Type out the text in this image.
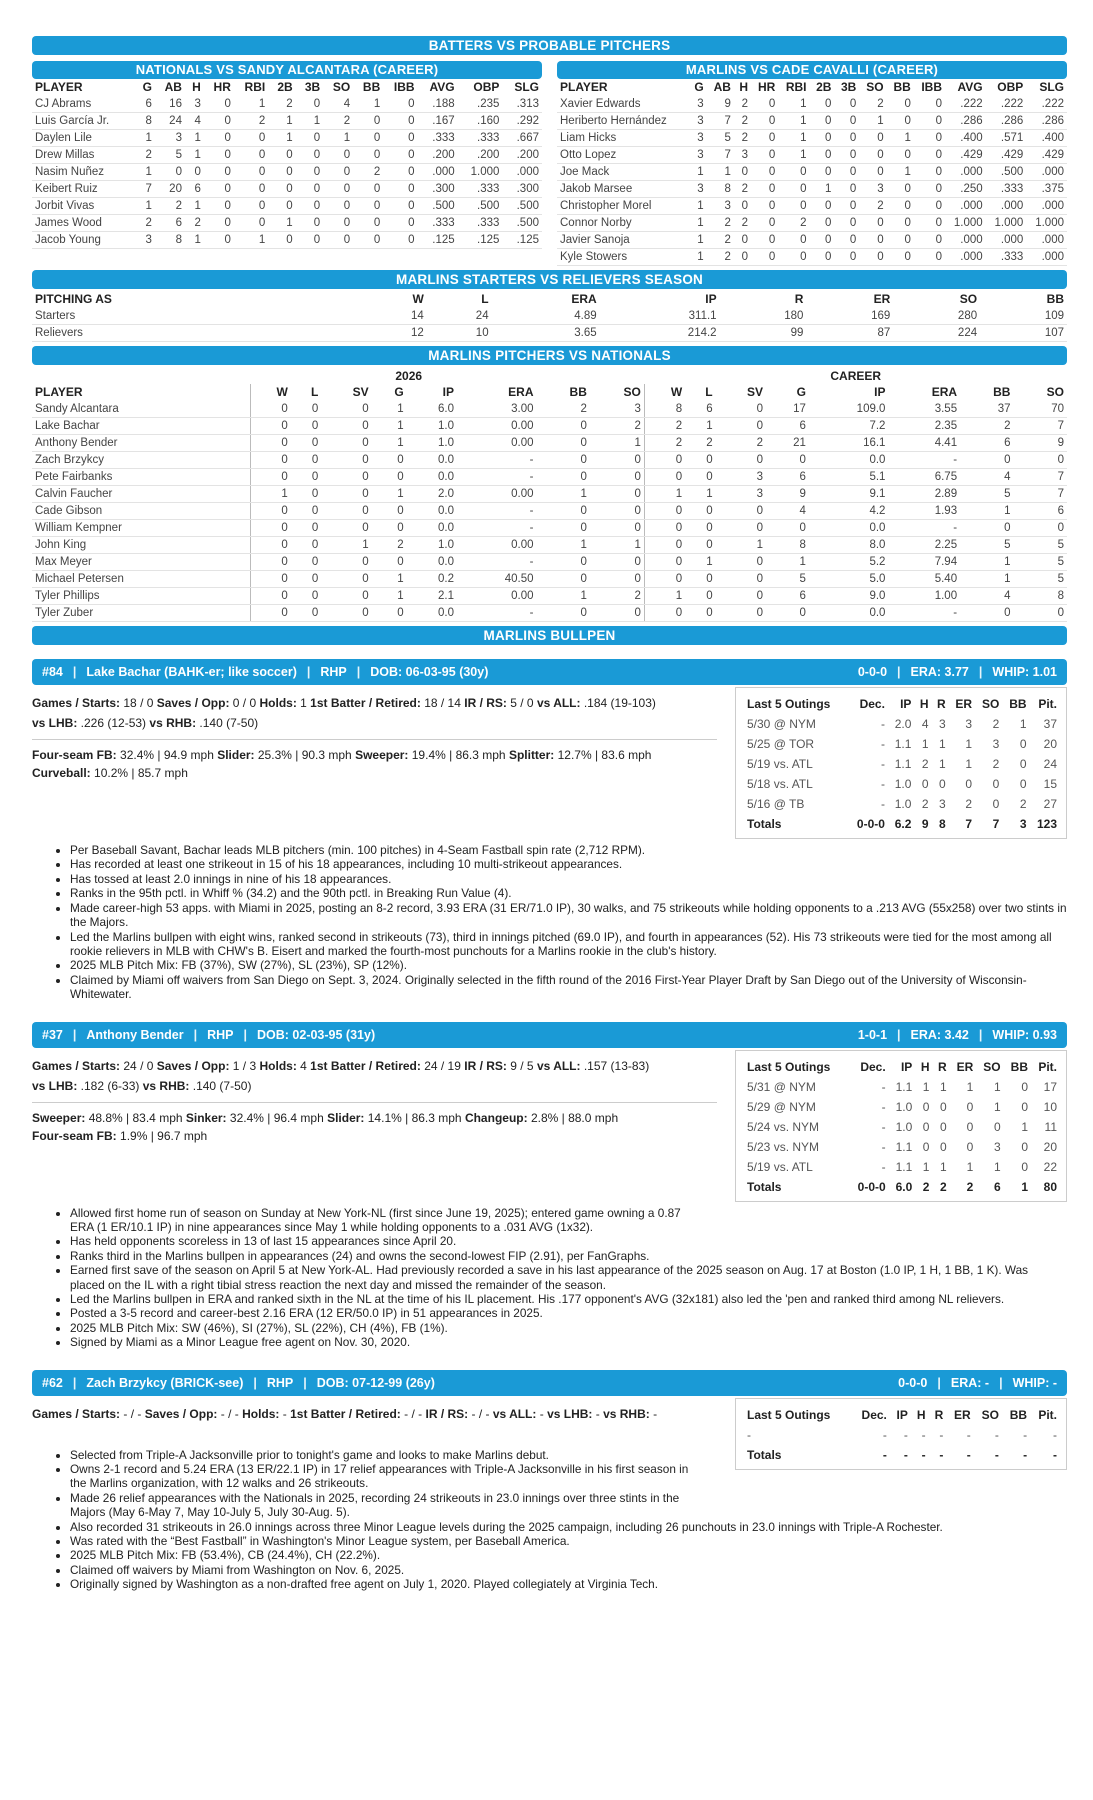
BATTERS VS PROBABLE PITCHERS
NATIONALS VS SANDY ALCANTARA (CAREER)
PLAYER	G	AB	H	HR	RBI	2B	3B	SO	BB	IBB	AVG	OBP	SLG
CJ Abrams	6	16	3	0	1	2	0	4	1	0	.188	.235	.313
Luis García Jr.	8	24	4	0	2	1	1	2	0	0	.167	.160	.292
Daylen Lile	1	3	1	0	0	1	0	1	0	0	.333	.333	.667
Drew Millas	2	5	1	0	0	0	0	0	0	0	.200	.200	.200
Nasim Nuñez	1	0	0	0	0	0	0	0	2	0	.000	1.000	.000
Keibert Ruiz	7	20	6	0	0	0	0	0	0	0	.300	.333	.300
Jorbit Vivas	1	2	1	0	0	0	0	0	0	0	.500	.500	.500
James Wood	2	6	2	0	0	1	0	0	0	0	.333	.333	.500
Jacob Young	3	8	1	0	1	0	0	0	0	0	.125	.125	.125
MARLINS VS CADE CAVALLI (CAREER)
PLAYER	G	AB	H	HR	RBI	2B	3B	SO	BB	IBB	AVG	OBP	SLG
Xavier Edwards	3	9	2	0	1	0	0	2	0	0	.222	.222	.222
Heriberto Hernández	3	7	2	0	1	0	0	1	0	0	.286	.286	.286
Liam Hicks	3	5	2	0	1	0	0	0	1	0	.400	.571	.400
Otto Lopez	3	7	3	0	1	0	0	0	0	0	.429	.429	.429
Joe Mack	1	1	0	0	0	0	0	0	1	0	.000	.500	.000
Jakob Marsee	3	8	2	0	0	1	0	3	0	0	.250	.333	.375
Christopher Morel	1	3	0	0	0	0	0	2	0	0	.000	.000	.000
Connor Norby	1	2	2	0	2	0	0	0	0	0	1.000	1.000	1.000
Javier Sanoja	1	2	0	0	0	0	0	0	0	0	.000	.000	.000
Kyle Stowers	1	2	0	0	0	0	0	0	0	0	.000	.333	.000
MARLINS STARTERS VS RELIEVERS SEASON
PITCHING AS	W	L	ERA	IP	R	ER	SO	BB
Starters	14	24	4.89	311.1	180	169	280	109
Relievers	12	10	3.65	214.2	99	87	224	107
MARLINS PITCHERS VS NATIONALS
	2026								CAREER							
PLAYER	W	L	SV	G	IP	ERA	BB	SO	W	L	SV	G	IP	ERA	BB	SO
Sandy Alcantara	0	0	0	1	6.0	3.00	2	3	8	6	0	17	109.0	3.55	37	70
Lake Bachar	0	0	0	1	1.0	0.00	0	2	2	1	0	6	7.2	2.35	2	7
Anthony Bender	0	0	0	1	1.0	0.00	0	1	2	2	2	21	16.1	4.41	6	9
Zach Brzykcy	0	0	0	0	0.0	-	0	0	0	0	0	0	0.0	-	0	0
Pete Fairbanks	0	0	0	0	0.0	-	0	0	0	0	3	6	5.1	6.75	4	7
Calvin Faucher	1	0	0	1	2.0	0.00	1	0	1	1	3	9	9.1	2.89	5	7
Cade Gibson	0	0	0	0	0.0	-	0	0	0	0	0	4	4.2	1.93	1	6
William Kempner	0	0	0	0	0.0	-	0	0	0	0	0	0	0.0	-	0	0
John King	0	0	1	2	1.0	0.00	1	1	0	0	1	8	8.0	2.25	5	5
Max Meyer	0	0	0	0	0.0	-	0	0	0	1	0	1	5.2	7.94	1	5
Michael Petersen	0	0	0	1	0.2	40.50	0	0	0	0	0	5	5.0	5.40	1	5
Tyler Phillips	0	0	0	1	2.1	0.00	1	2	1	0	0	6	9.0	1.00	4	8
Tyler Zuber	0	0	0	0	0.0	-	0	0	0	0	0	0	0.0	-	0	0
MARLINS BULLPEN
#84 | Lake Bachar (BAHK-er; like soccer) | RHP | DOB: 06-03-95 (30y)	0-0-0 | ERA: 3.77 | WHIP: 1.01
Games / Starts: 18 / 0 Saves / Opp: 0 / 0 Holds: 1 1st Batter / Retired: 18 / 14 IR / RS: 5 / 0 vs ALL: .184 (19-103)
vs LHB: .226 (12-53) vs RHB: .140 (7-50)
Four-seam FB: 32.4% | 94.9 mph Slider: 25.3% | 90.3 mph Sweeper: 19.4% | 86.3 mph Splitter: 12.7% | 83.6 mph
Curveball: 10.2% | 85.7 mph
Last 5 Outings	Dec.	IP	H	R	ER	SO	BB	Pit.
5/30 @ NYM	-	2.0	4	3	3	2	1	37
5/25 @ TOR	-	1.1	1	1	1	3	0	20
5/19 vs. ATL	-	1.1	2	1	1	2	0	24
5/18 vs. ATL	-	1.0	0	0	0	0	0	15
5/16 @ TB	-	1.0	2	3	2	0	2	27
Totals	0-0-0	6.2	9	8	7	7	3	123
• Per Baseball Savant, Bachar leads MLB pitchers (min. 100 pitches) in 4-Seam Fastball spin rate (2,712 RPM).
• Has recorded at least one strikeout in 15 of his 18 appearances, including 10 multi-strikeout appearances.
• Has tossed at least 2.0 innings in nine of his 18 appearances.
• Ranks in the 95th pctl. in Whiff % (34.2) and the 90th pctl. in Breaking Run Value (4).
• Made career-high 53 apps. with Miami in 2025, posting an 8-2 record, 3.93 ERA (31 ER/71.0 IP), 30 walks, and 75 strikeouts while holding opponents to a .213 AVG (55x258) over two stints in the Majors.
• Led the Marlins bullpen with eight wins, ranked second in strikeouts (73), third in innings pitched (69.0 IP), and fourth in appearances (52). His 73 strikeouts were tied for the most among all rookie relievers in MLB with CHW's B. Eisert and marked the fourth-most punchouts for a Marlins rookie in the club's history.
• 2025 MLB Pitch Mix: FB (37%), SW (27%), SL (23%), SP (12%).
• Claimed by Miami off waivers from San Diego on Sept. 3, 2024. Originally selected in the fifth round of the 2016 First-Year Player Draft by San Diego out of the University of Wisconsin-Whitewater.
#37 | Anthony Bender | RHP | DOB: 02-03-95 (31y)	1-0-1 | ERA: 3.42 | WHIP: 0.93
Games / Starts: 24 / 0 Saves / Opp: 1 / 3 Holds: 4 1st Batter / Retired: 24 / 19 IR / RS: 9 / 5 vs ALL: .157 (13-83)
vs LHB: .182 (6-33) vs RHB: .140 (7-50)
Sweeper: 48.8% | 83.4 mph Sinker: 32.4% | 96.4 mph Slider: 14.1% | 86.3 mph Changeup: 2.8% | 88.0 mph
Four-seam FB: 1.9% | 96.7 mph
Last 5 Outings	Dec.	IP	H	R	ER	SO	BB	Pit.
5/31 @ NYM	-	1.1	1	1	1	1	0	17
5/29 @ NYM	-	1.0	0	0	0	1	0	10
5/24 vs. NYM	-	1.0	0	0	0	0	1	11
5/23 vs. NYM	-	1.1	0	0	0	3	0	20
5/19 vs. ATL	-	1.1	1	1	1	1	0	22
Totals	0-0-0	6.0	2	2	2	6	1	80
• Allowed first home run of season on Sunday at New York-NL (first since June 19, 2025); entered game owning a 0.87 ERA (1 ER/10.1 IP) in nine appearances since May 1 while holding opponents to a .031 AVG (1x32).
• Has held opponents scoreless in 13 of last 15 appearances since April 20.
• Ranks third in the Marlins bullpen in appearances (24) and owns the second-lowest FIP (2.91), per FanGraphs.
• Earned first save of the season on April 5 at New York-AL. Had previously recorded a save in his last appearance of the 2025 season on Aug. 17 at Boston (1.0 IP, 1 H, 1 BB, 1 K). Was placed on the IL with a right tibial stress reaction the next day and missed the remainder of the season.
• Led the Marlins bullpen in ERA and ranked sixth in the NL at the time of his IL placement. His .177 opponent's AVG (32x181) also led the 'pen and ranked third among NL relievers.
• Posted a 3-5 record and career-best 2.16 ERA (12 ER/50.0 IP) in 51 appearances in 2025.
• 2025 MLB Pitch Mix: SW (46%), SI (27%), SL (22%), CH (4%), FB (1%).
• Signed by Miami as a Minor League free agent on Nov. 30, 2020.
#62 | Zach Brzykcy (BRICK-see) | RHP | DOB: 07-12-99 (26y)	0-0-0 | ERA: - | WHIP: -
Games / Starts: - / - Saves / Opp: - / - Holds: - 1st Batter / Retired: - / - IR / RS: - / - vs ALL: - vs LHB: - vs RHB: -	Last 5 Outings	Dec.	IP	H	R	ER	SO	BB	Pit.
-	-	-	-	-	-	-	-	-
Totals	-	-	-	-	-	-	-	-
• Selected from Triple-A Jacksonville prior to tonight's game and looks to make Marlins debut.
• Owns 2-1 record and 5.24 ERA (13 ER/22.1 IP) in 17 relief appearances with Triple-A Jacksonville in his first season in the Marlins organization, with 12 walks and 26 strikeouts.
• Made 26 relief appearances with the Nationals in 2025, recording 24 strikeouts in 23.0 innings over three stints in the Majors (May 6-May 7, May 10-July 5, July 30-Aug. 5).
• Also recorded 31 strikeouts in 26.0 innings across three Minor League levels during the 2025 campaign, including 26 punchouts in 23.0 innings with Triple-A Rochester.
• Was rated with the “Best Fastball” in Washington's Minor League system, per Baseball America.
• 2025 MLB Pitch Mix: FB (53.4%), CB (24.4%), CH (22.2%).
• Claimed off waivers by Miami from Washington on Nov. 6, 2025.
• Originally signed by Washington as a non-drafted free agent on July 1, 2020. Played collegiately at Virginia Tech.
